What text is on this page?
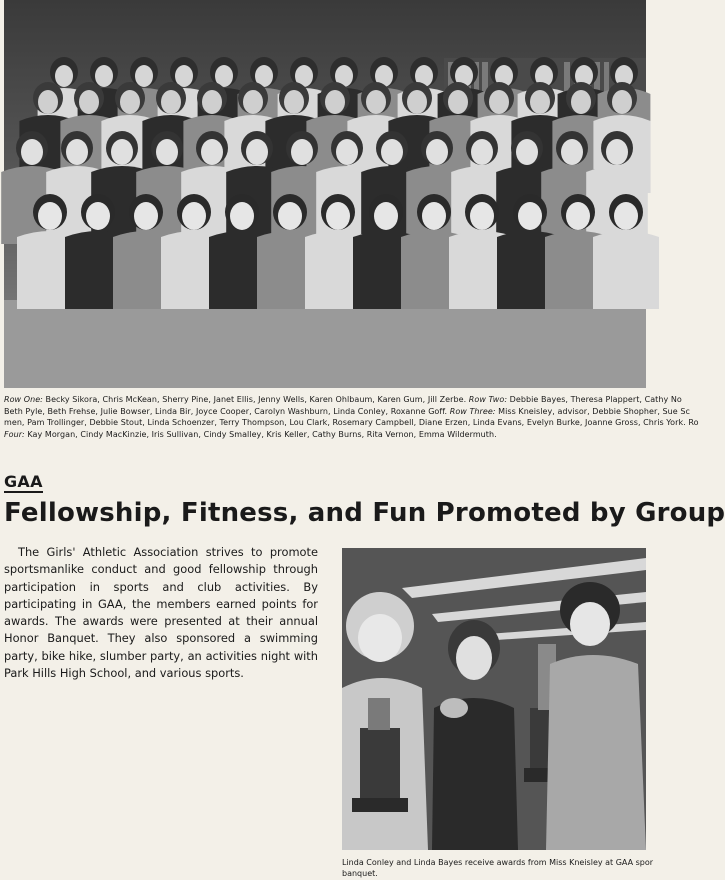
Row One: Becky Sikora, Chris McKean, Sherry Pine, Janet Ellis, Jenny Wells, Karen Ohlbaum, Karen Gum, Jill Zerbe. Row Two: Debbie Bayes, Theresa Plappert, Cathy No
Beth Pyle, Beth Frehse, Julie Bowser, Linda Bir, Joyce Cooper, Carolyn Washburn, Linda Conley, Roxanne Goff. Row Three: Miss Kneisley, advisor, Debbie Shopher, Sue Sc
men, Pam Trollinger, Debbie Stout, Linda Schoenzer, Terry Thompson, Lou Clark, Rosemary Campbell, Diane Erzen, Linda Evans, Evelyn Burke, Joanne Gross, Chris York. Ro
Four: Kay Morgan, Cindy MacKinzie, Iris Sullivan, Cindy Smalley, Kris Keller, Cathy Burns, Rita Vernon, Emma Wildermuth.
GAA
Fellowship, Fitness, and Fun Promoted by Group
The Girls' Athletic Association strives to promote sportsmanlike conduct and good fellowship through participation in sports and club activities. By participating in GAA, the members earned points for awards. The awards were presented at their annual Honor Banquet. They also sponsored a swimming party, bike hike, slumber party, an activities night with Park Hills High School, and various sports.
Linda Conley and Linda Bayes receive awards from Miss Kneisley at GAA spor
banquet.
